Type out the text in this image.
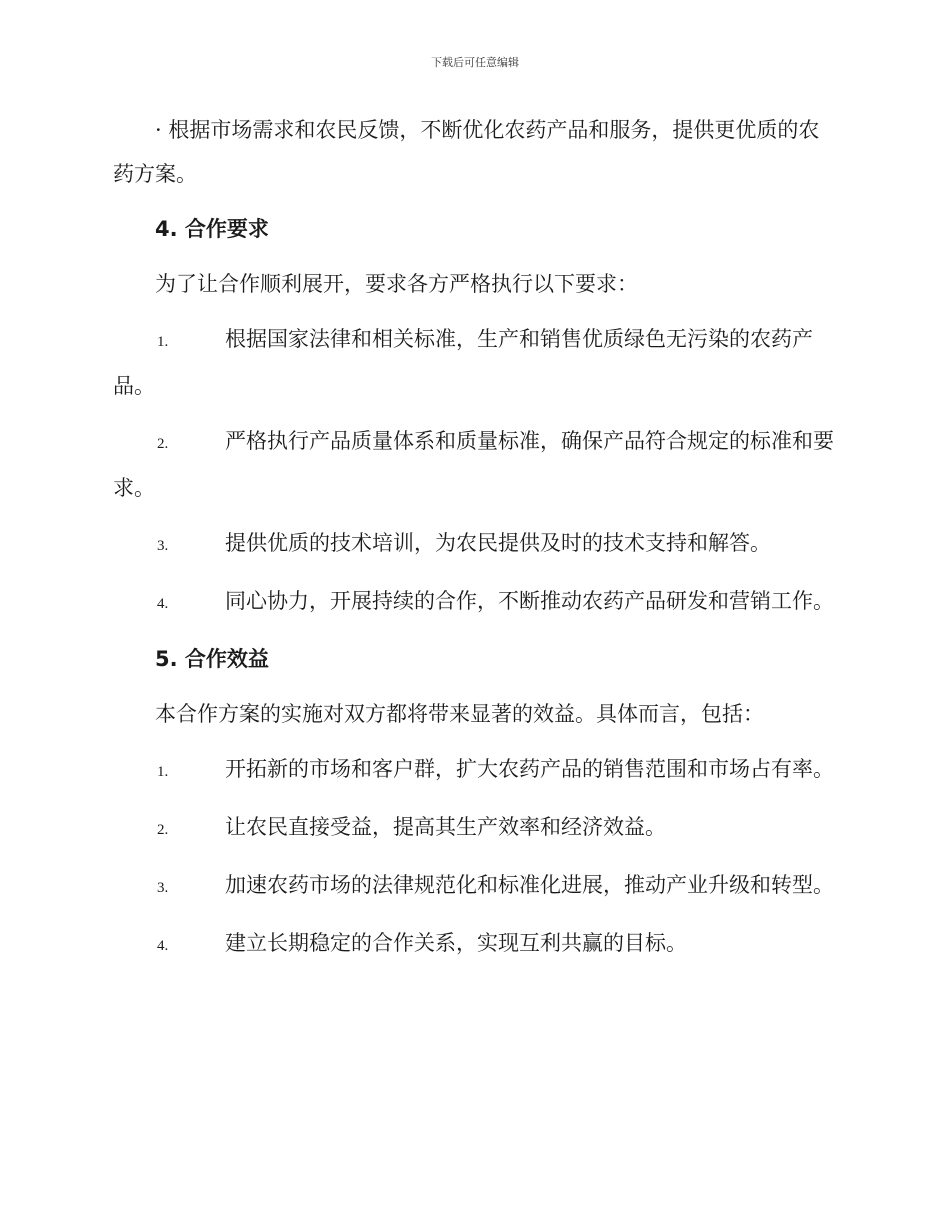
下载后可任意编辑

· 根据市场需求和农民反馈，不断优化农药产品和服务，提供更优质的农药方案。

4. 合作要求

为了让合作顺利展开，要求各方严格执行以下要求：

1.	根据国家法律和相关标准，生产和销售优质绿色无污染的农药产品。

2.	严格执行产品质量体系和质量标准，确保产品符合规定的标准和要求。

3.	提供优质的技术培训，为农民提供及时的技术支持和解答。

4.	同心协力，开展持续的合作，不断推动农药产品研发和营销工作。

5. 合作效益

本合作方案的实施对双方都将带来显著的效益。具体而言，包括：

1.	开拓新的市场和客户群，扩大农药产品的销售范围和市场占有率。

2.	让农民直接受益，提高其生产效率和经济效益。

3.	加速农药市场的法律规范化和标准化进展，推动产业升级和转型。

4.	建立长期稳定的合作关系，实现互利共赢的目标。
